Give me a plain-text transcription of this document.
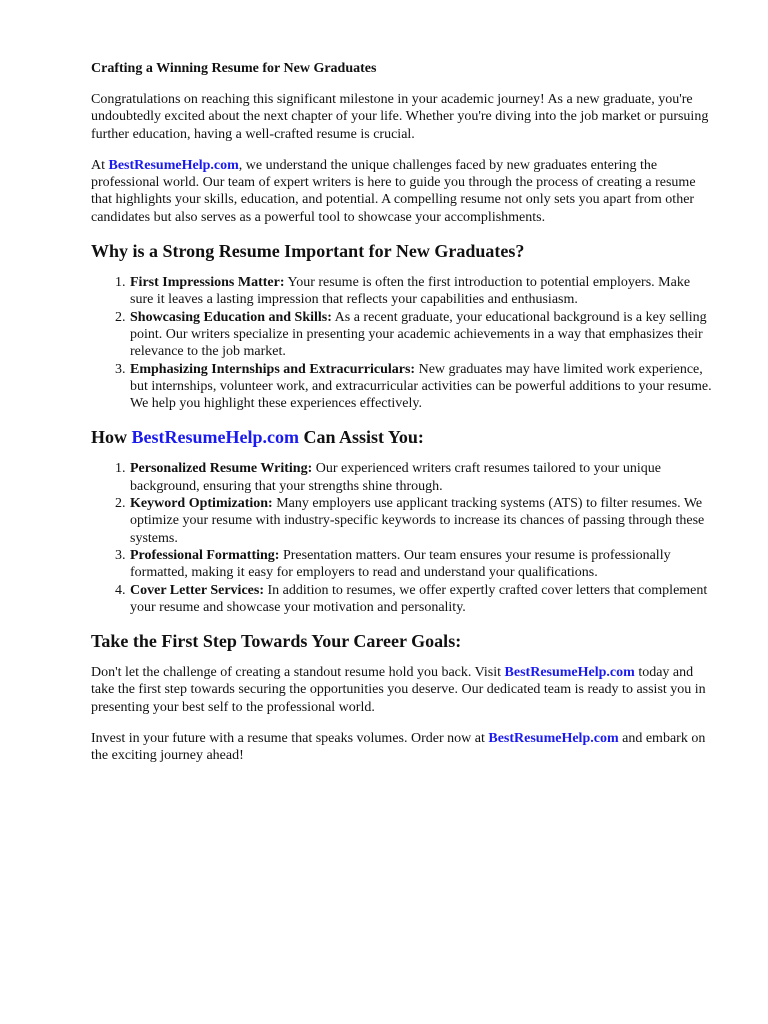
Crafting a Winning Resume for New Graduates

Congratulations on reaching this significant milestone in your academic journey! As a new graduate, you're undoubtedly excited about the next chapter of your life. Whether you're diving into the job market or pursuing further education, having a well-crafted resume is crucial.

At BestResumeHelp.com, we understand the unique challenges faced by new graduates entering the professional world. Our team of expert writers is here to guide you through the process of creating a resume that highlights your skills, education, and potential. A compelling resume not only sets you apart from other candidates but also serves as a powerful tool to showcase your accomplishments.

Why is a Strong Resume Important for New Graduates?
1. First Impressions Matter: Your resume is often the first introduction to potential employers. Make sure it leaves a lasting impression that reflects your capabilities and enthusiasm.
2. Showcasing Education and Skills: As a recent graduate, your educational background is a key selling point. Our writers specialize in presenting your academic achievements in a way that emphasizes their relevance to the job market.
3. Emphasizing Internships and Extracurriculars: New graduates may have limited work experience, but internships, volunteer work, and extracurricular activities can be powerful additions to your resume. We help you highlight these experiences effectively.
How BestResumeHelp.com Can Assist You:
1. Personalized Resume Writing: Our experienced writers craft resumes tailored to your unique background, ensuring that your strengths shine through.
2. Keyword Optimization: Many employers use applicant tracking systems (ATS) to filter resumes. We optimize your resume with industry-specific keywords to increase its chances of passing through these systems.
3. Professional Formatting: Presentation matters. Our team ensures your resume is professionally formatted, making it easy for employers to read and understand your qualifications.
4. Cover Letter Services: In addition to resumes, we offer expertly crafted cover letters that complement your resume and showcase your motivation and personality.
Take the First Step Towards Your Career Goals:

Don't let the challenge of creating a standout resume hold you back. Visit BestResumeHelp.com today and take the first step towards securing the opportunities you deserve. Our dedicated team is ready to assist you in presenting your best self to the professional world.

Invest in your future with a resume that speaks volumes. Order now at BestResumeHelp.com and embark on the exciting journey ahead!
